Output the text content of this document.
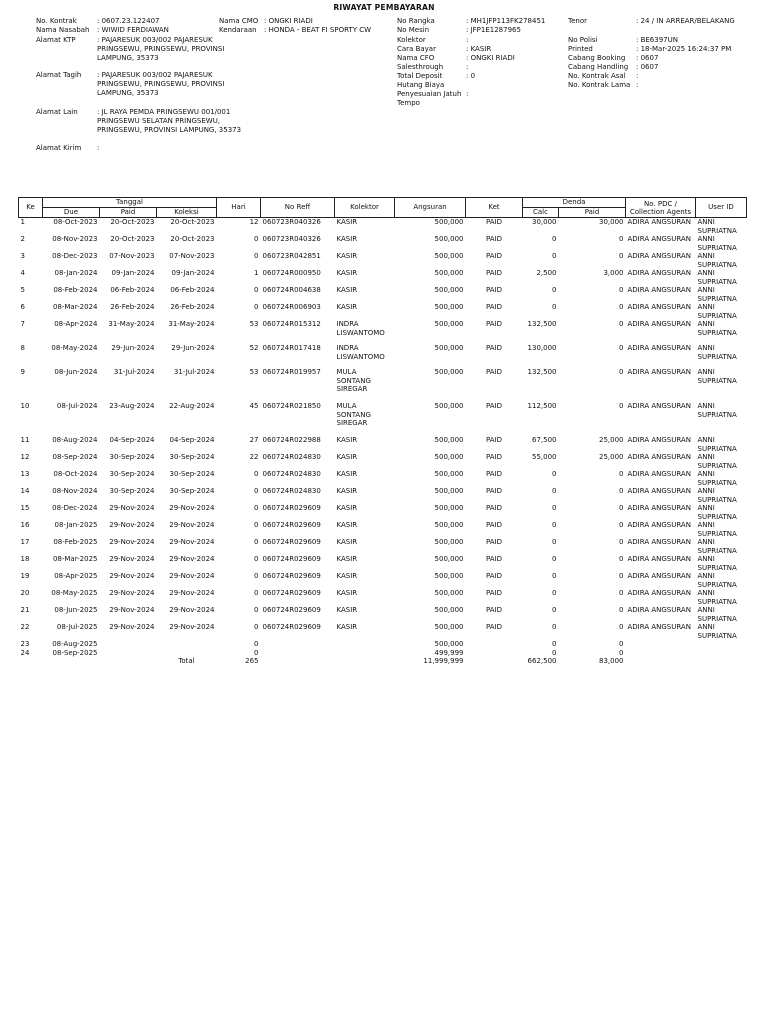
RIWAYAT PEMBAYARAN
No. Kontrak	: 0607.23.122407
Nama Nasabah : WIWID FERDIAWAN
Alamat KTP	: PAJARESUK 003/002 PAJARESUK PRINGSEWU, PRINGSEWU, PROVINSI LAMPUNG, 35373
Alamat Tagih : PAJARESUK 003/002 PAJARESUK PRINGSEWU, PRINGSEWU, PROVINSI LAMPUNG, 35373
Alamat Lain	: JL RAYA PEMDA PRINGSEWU 001/001 PRINGSEWU SELATAN PRINGSEWU, PRINGSEWU, PROVINSI LAMPUNG, 35373
Alamat Kirim :
Nama CMO : ONGKI RIADI
Kendaraan : HONDA - BEAT FI SPORTY CW
No Rangka	: MH1JFP113FK278451
No Mesin	: JFP1E1287965
Kolektor	:
Cara Bayar	: KASIR
Nama CFO	: ONGKI RIADI
Salesthrough	:
Total Deposit	: 0
Hutang Biaya Penyesuaian Jatuh Tempo
:
Tenor	: 24 / IN ARREAR/BELAKANG
No Polisi	: BE6397UN
Printed	: 18-Mar-2025 16:24:37 PM
Cabang Booking : 0607
Cabang Handling : 0607
No. Kontrak Asal :
No. Kontrak Lama :
Ke	Tanggal			Hari	No Reff	Kolektor	Angsuran	Ket	Denda		No. PDC / Collection Agents	User ID
	Due	Paid	Koleksi						Calc	Paid		
1	08-Oct-2023	20-Oct-2023	20-Oct-2023	12	060723R040326	KASIR	500,000	PAID	30,000	30,000	ADIRA ANGSURAN	ANNI SUPRIATNA
2	08-Nov-2023	20-Oct-2023	20-Oct-2023	0	060723R040326	KASIR	500,000	PAID	0	0	ADIRA ANGSURAN	ANNI SUPRIATNA
3	08-Dec-2023	07-Nov-2023	07-Nov-2023	0	060723R042851	KASIR	500,000	PAID	0	0	ADIRA ANGSURAN	ANNI SUPRIATNA
4	08-Jan-2024	09-Jan-2024	09-Jan-2024	1	060724R000950	KASIR	500,000	PAID	2,500	3,000	ADIRA ANGSURAN	ANNI SUPRIATNA
5	08-Feb-2024	06-Feb-2024	06-Feb-2024	0	060724R004638	KASIR	500,000	PAID	0	0	ADIRA ANGSURAN	ANNI SUPRIATNA
6	08-Mar-2024	26-Feb-2024	26-Feb-2024	0	060724R006903	KASIR	500,000	PAID	0	0	ADIRA ANGSURAN	ANNI SUPRIATNA
7	08-Apr-2024	31-May-2024	31-May-2024	53	060724R015312	INDRA LISWANTOMO	500,000	PAID	132,500	0	ADIRA ANGSURAN	ANNI SUPRIATNA
8	08-May-2024	29-Jun-2024	29-Jun-2024	52	060724R017418	INDRA LISWANTOMO	500,000	PAID	130,000	0	ADIRA ANGSURAN	ANNI SUPRIATNA
9	08-Jun-2024	31-Jul-2024	31-Jul-2024	53	060724R019957	MULA SONTANG SIREGAR	500,000	PAID	132,500	0	ADIRA ANGSURAN	ANNI SUPRIATNA
10	08-Jul-2024	23-Aug-2024	22-Aug-2024	45	060724R021850	MULA SONTANG SIREGAR	500,000	PAID	112,500	0	ADIRA ANGSURAN	ANNI SUPRIATNA
11	08-Aug-2024	04-Sep-2024	04-Sep-2024	27	060724R022988	KASIR	500,000	PAID	67,500	25,000	ADIRA ANGSURAN	ANNI SUPRIATNA
12	08-Sep-2024	30-Sep-2024	30-Sep-2024	22	060724R024830	KASIR	500,000	PAID	55,000	25,000	ADIRA ANGSURAN	ANNI SUPRIATNA
13	08-Oct-2024	30-Sep-2024	30-Sep-2024	0	060724R024830	KASIR	500,000	PAID	0	0	ADIRA ANGSURAN	ANNI SUPRIATNA
14	08-Nov-2024	30-Sep-2024	30-Sep-2024	0	060724R024830	KASIR	500,000	PAID	0	0	ADIRA ANGSURAN	ANNI SUPRIATNA
15	08-Dec-2024	29-Nov-2024	29-Nov-2024	0	060724R029609	KASIR	500,000	PAID	0	0	ADIRA ANGSURAN	ANNI SUPRIATNA
16	08-Jan-2025	29-Nov-2024	29-Nov-2024	0	060724R029609	KASIR	500,000	PAID	0	0	ADIRA ANGSURAN	ANNI SUPRIATNA
17	08-Feb-2025	29-Nov-2024	29-Nov-2024	0	060724R029609	KASIR	500,000	PAID	0	0	ADIRA ANGSURAN	ANNI SUPRIATNA
18	08-Mar-2025	29-Nov-2024	29-Nov-2024	0	060724R029609	KASIR	500,000	PAID	0	0	ADIRA ANGSURAN	ANNI SUPRIATNA
19	08-Apr-2025	29-Nov-2024	29-Nov-2024	0	060724R029609	KASIR	500,000	PAID	0	0	ADIRA ANGSURAN	ANNI SUPRIATNA
20	08-May-2025	29-Nov-2024	29-Nov-2024	0	060724R029609	KASIR	500,000	PAID	0	0	ADIRA ANGSURAN	ANNI SUPRIATNA
21	08-Jun-2025	29-Nov-2024	29-Nov-2024	0	060724R029609	KASIR	500,000	PAID	0	0	ADIRA ANGSURAN	ANNI SUPRIATNA
22	08-Jul-2025	29-Nov-2024	29-Nov-2024	0	060724R029609	KASIR	500,000	PAID	0	0	ADIRA ANGSURAN	ANNI SUPRIATNA
23	08-Aug-2025			0			500,000		0	0		
24	08-Sep-2025			0			499,999		0	0		
			Total	265			11,999,999		662,500	83,000		
